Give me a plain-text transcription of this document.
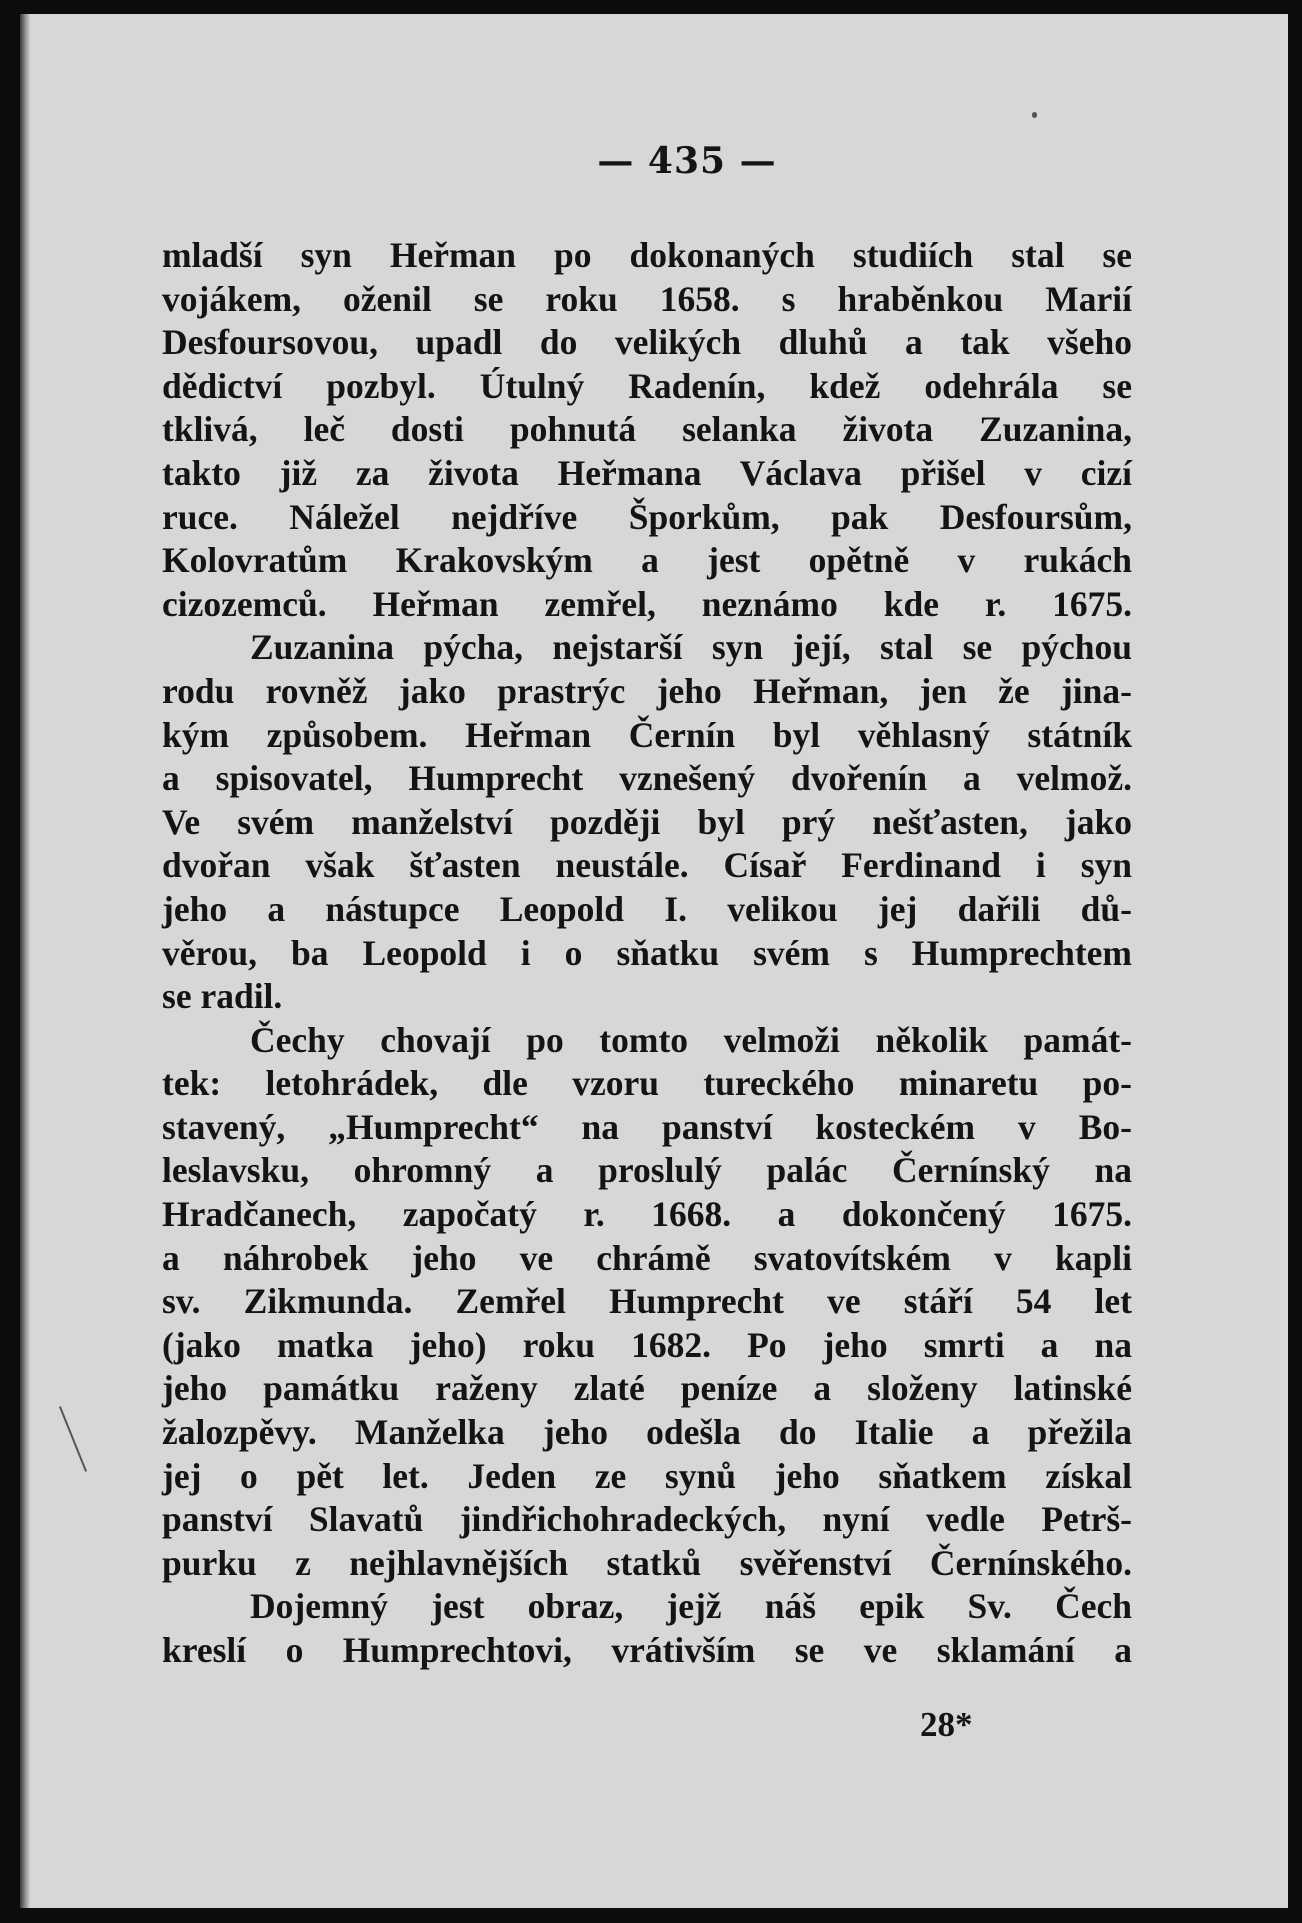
— 435 —
mladší syn Heřman po dokonaných studiích stal se
vojákem, oženil se roku 1658. s hraběnkou Marií
Desfoursovou, upadl do velikých dluhů a tak všeho
dědictví pozbyl. Útulný Radenín, kdež odehrála se
tklivá, leč dosti pohnutá selanka života Zuzanina,
takto již za života Heřmana Václava přišel v cizí
ruce. Náležel nejdříve Šporkům, pak Desfoursům,
Kolovratům Krakovským a jest opětně v rukách
cizozemců. Heřman zemřel, neznámo kde r. 1675.
Zuzanina pýcha, nejstarší syn její, stal se pýchou
rodu rovněž jako prastrýc jeho Heřman, jen že jina-
kým způsobem. Heřman Černín byl věhlasný státník
a spisovatel, Humprecht vznešený dvořenín a velmož.
Ve svém manželství později byl prý nešťasten, jako
dvořan však šťasten neustále. Císař Ferdinand i syn
jeho a nástupce Leopold I. velikou jej dařili dů-
věrou, ba Leopold i o sňatku svém s Humprechtem
se radil.
Čechy chovají po tomto velmoži několik památ-
tek: letohrádek, dle vzoru tureckého minaretu po-
stavený, „Humprecht“ na panství kosteckém v Bo-
leslavsku, ohromný a proslulý palác Černínský na
Hradčanech, započatý r. 1668. a dokončený 1675.
a náhrobek jeho ve chrámě svatovítském v kapli
sv. Zikmunda. Zemřel Humprecht ve stáří 54 let
(jako matka jeho) roku 1682. Po jeho smrti a na
jeho památku raženy zlaté peníze a složeny latinské
žalozpěvy. Manželka jeho odešla do Italie a přežila
jej o pět let. Jeden ze synů jeho sňatkem získal
panství Slavatů jindřichohradeckých, nyní vedle Petrš-
purku z nejhlavnějších statků svěřenství Černínského.
Dojemný jest obraz, jejž náš epik Sv. Čech
kreslí o Humprechtovi, vrátivším se ve sklamání a
28*
